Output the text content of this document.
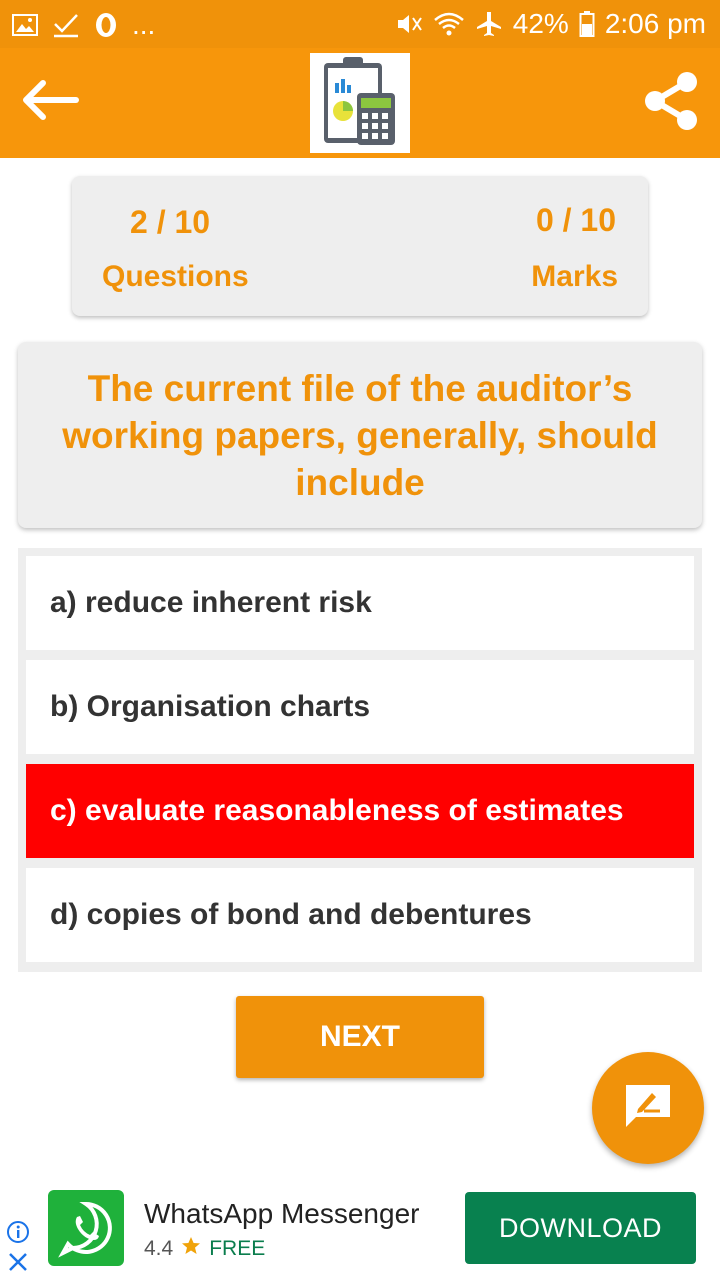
...	42% 2:06 pm
2 / 10
Questions
0 / 10
Marks
The current file of the auditor’s working papers, generally, should include
a) reduce inherent risk
b) Organisation charts
c) evaluate reasonableness of estimates
d) copies of bond and debentures
NEXT
WhatsApp Messenger
4.4 FREE
DOWNLOAD
